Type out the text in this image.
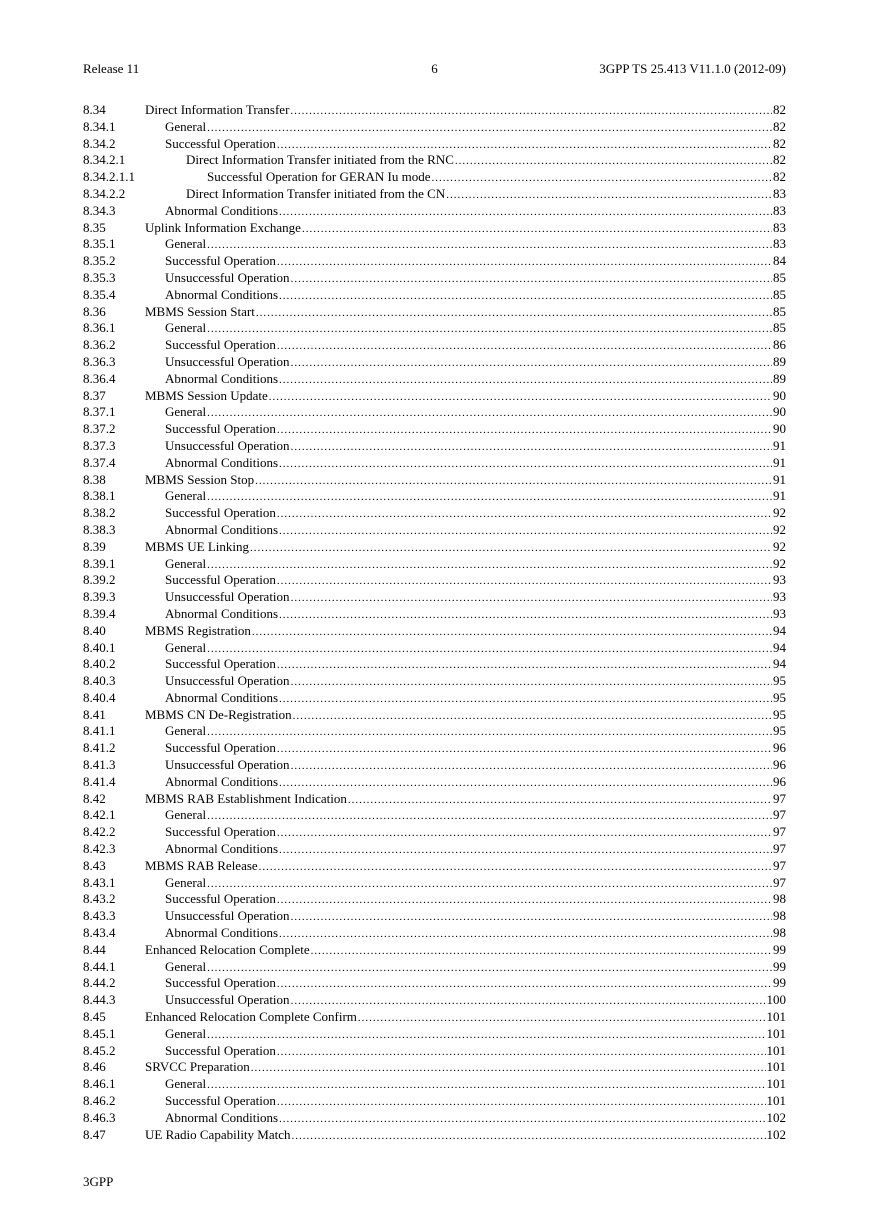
Release 11	6	3GPP TS 25.413 V11.1.0 (2012-09)
8.34	Direct Information Transfer .....	82
8.34.1	General .....	82
8.34.2	Successful Operation .....	82
8.34.2.1	Direct Information Transfer initiated from the RNC .....	82
8.34.2.1.1	Successful Operation for GERAN Iu mode .....	82
8.34.2.2	Direct Information Transfer initiated from the CN .....	83
8.34.3	Abnormal Conditions .....	83
8.35	Uplink Information Exchange .....	83
8.35.1	General .....	83
8.35.2	Successful Operation .....	84
8.35.3	Unsuccessful Operation .....	85
8.35.4	Abnormal Conditions .....	85
8.36	MBMS Session Start .....	85
8.36.1	General .....	85
8.36.2	Successful Operation .....	86
8.36.3	Unsuccessful Operation .....	89
8.36.4	Abnormal Conditions .....	89
8.37	MBMS Session Update .....	90
8.37.1	General .....	90
8.37.2	Successful Operation .....	90
8.37.3	Unsuccessful Operation .....	91
8.37.4	Abnormal Conditions .....	91
8.38	MBMS Session Stop .....	91
8.38.1	General .....	91
8.38.2	Successful Operation .....	92
8.38.3	Abnormal Conditions .....	92
8.39	MBMS UE Linking .....	92
8.39.1	General .....	92
8.39.2	Successful Operation .....	93
8.39.3	Unsuccessful Operation .....	93
8.39.4	Abnormal Conditions .....	93
8.40	MBMS Registration .....	94
8.40.1	General .....	94
8.40.2	Successful Operation .....	94
8.40.3	Unsuccessful Operation .....	95
8.40.4	Abnormal Conditions .....	95
8.41	MBMS CN De-Registration .....	95
8.41.1	General .....	95
8.41.2	Successful Operation .....	96
8.41.3	Unsuccessful Operation .....	96
8.41.4	Abnormal Conditions .....	96
8.42	MBMS RAB Establishment Indication .....	97
8.42.1	General .....	97
8.42.2	Successful Operation .....	97
8.42.3	Abnormal Conditions .....	97
8.43	MBMS RAB Release .....	97
8.43.1	General .....	97
8.43.2	Successful Operation .....	98
8.43.3	Unsuccessful Operation .....	98
8.43.4	Abnormal Conditions .....	98
8.44	Enhanced Relocation Complete .....	99
8.44.1	General .....	99
8.44.2	Successful Operation .....	99
8.44.3	Unsuccessful Operation .....	100
8.45	Enhanced Relocation Complete Confirm .....	101
8.45.1	General .....	101
8.45.2	Successful Operation .....	101
8.46	SRVCC Preparation .....	101
8.46.1	General .....	101
8.46.2	Successful Operation .....	101
8.46.3	Abnormal Conditions .....	102
8.47	UE Radio Capability Match .....	102
3GPP
